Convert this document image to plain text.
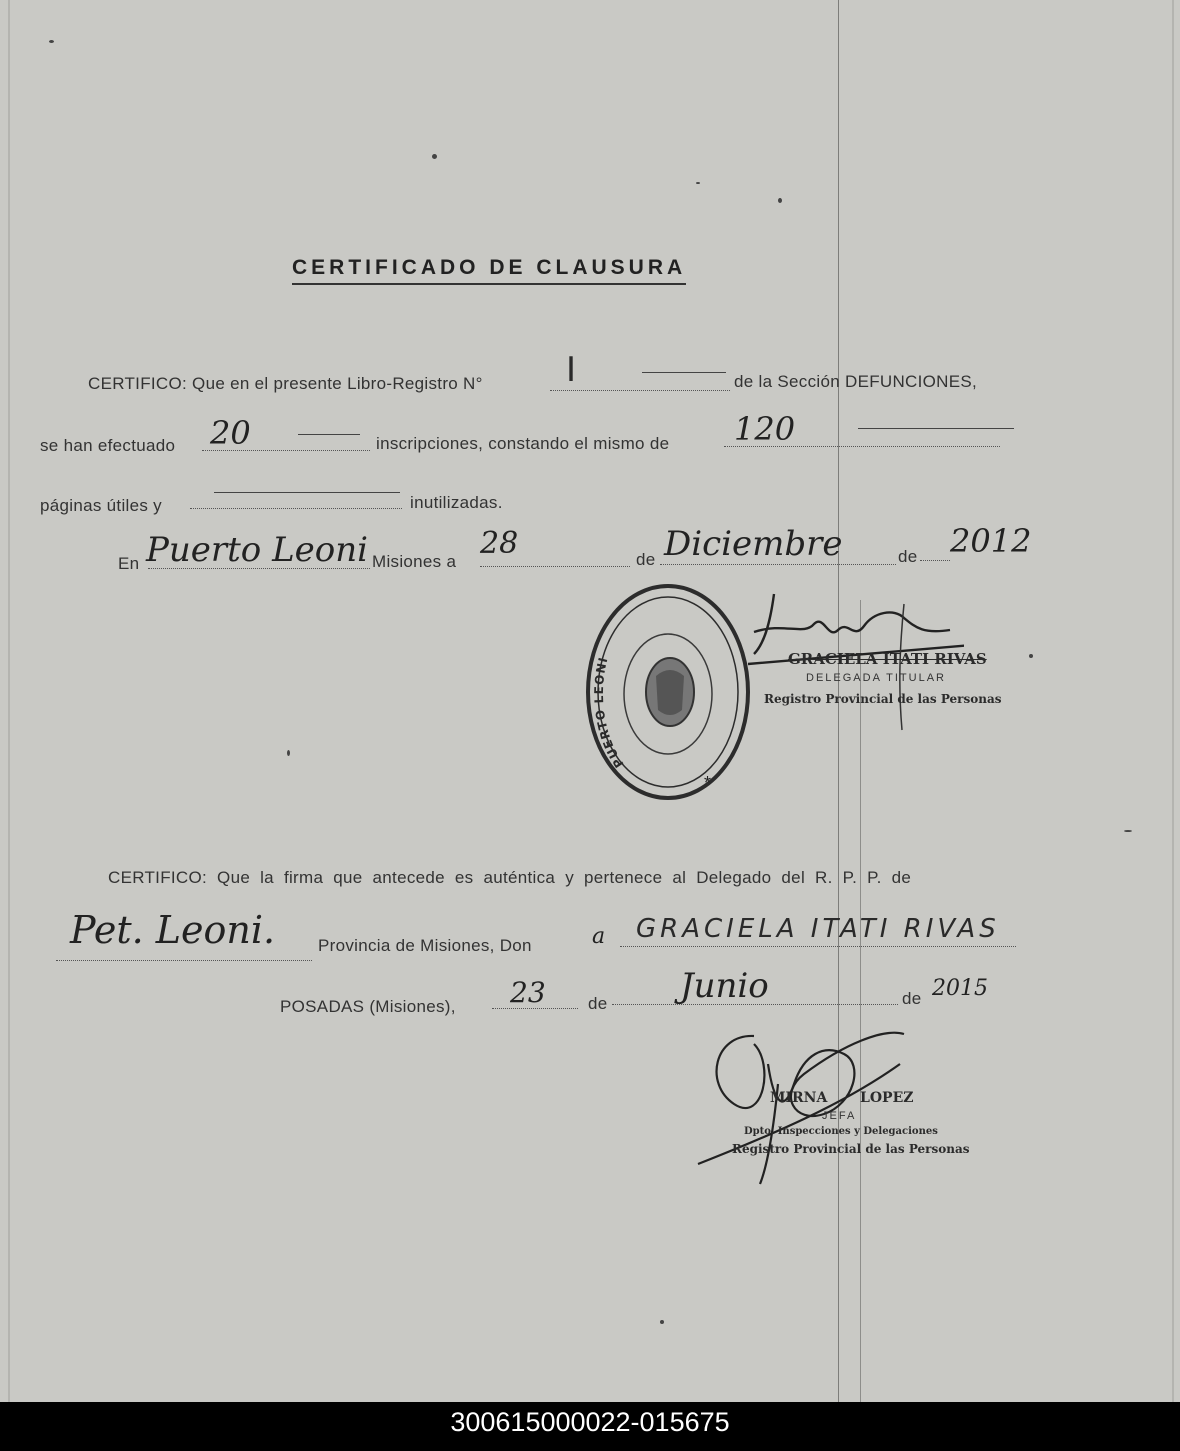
CERTIFICADO DE CLAUSURA
CERTIFICO: Que en el presente Libro-Registro N° I	de la Sección DEFUNCIONES,
se han efectuado 20	inscripciones, constando el mismo de 120
páginas útiles y	inutilizadas.
En Puerto Leoni Misiones a
28	de Diciembre	de 2012
*
PUERTO LEONI	GRACIELA ITATI RIVAS
DELEGADA TITULAR
Registro Provincial de las Personas
CERTIFICO: Que la firma que antecede es auténtica y pertenece al Delegado del R. P. P. de
Pet. Leoni.	Provincia de Misiones, Don	a GRACIELA ITATI RIVAS
POSADAS (Misiones), 23 de Junio	de 2015
MIRNA LOPEZ
JEFA
Dpto. Inspecciones y Delegaciones
Registro Provincial de las Personas
300615000022-015675
